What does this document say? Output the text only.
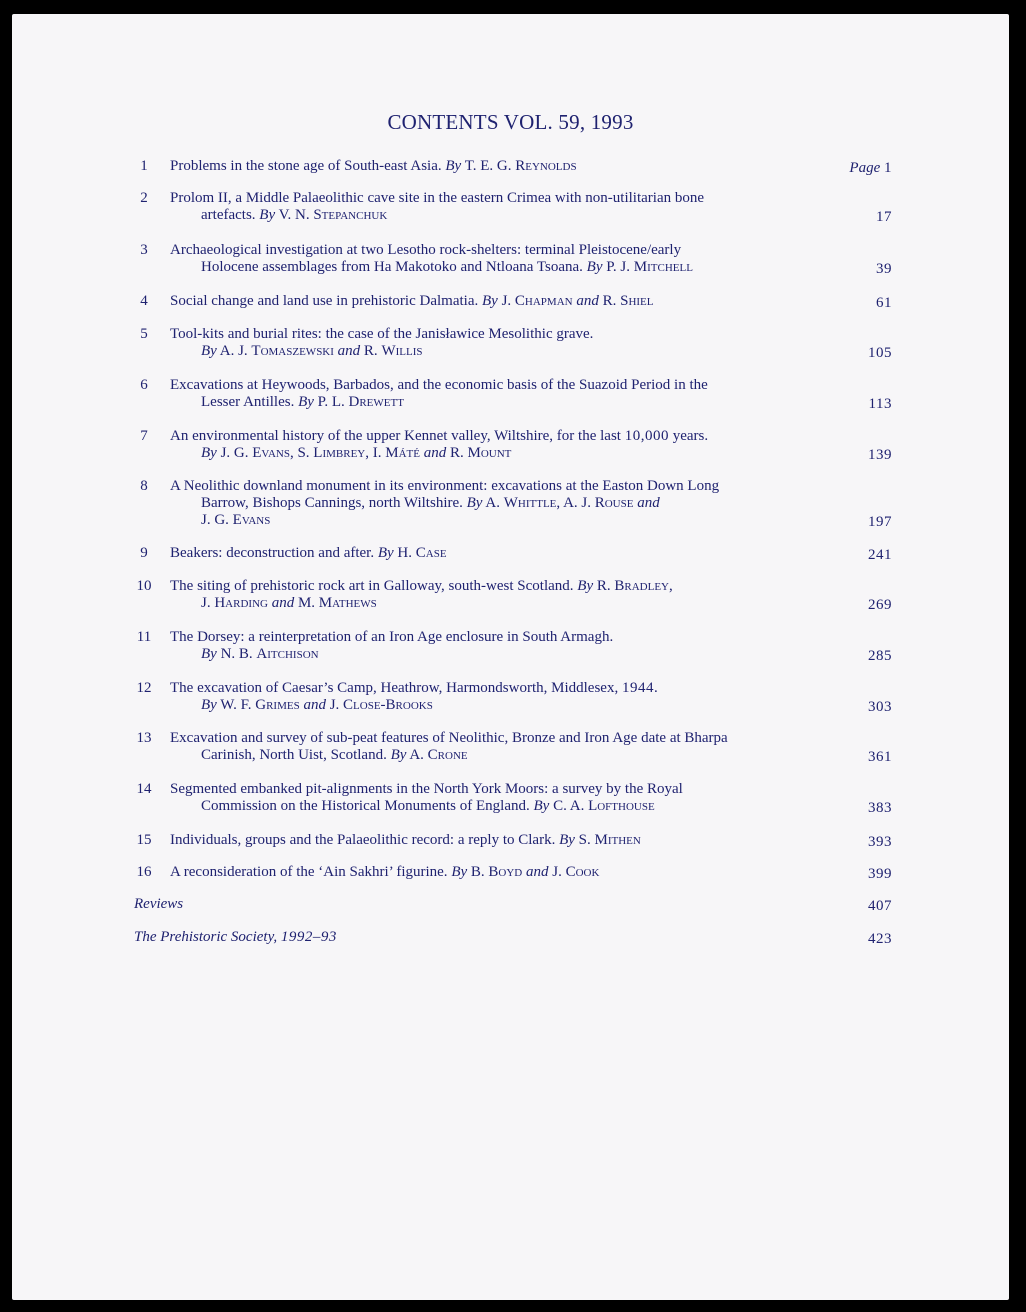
CONTENTS VOL. 59, 1993
1	Problems in the stone age of South-east Asia. By T. E. G. Reynolds	Page 1
2	Prolom II, a Middle Palaeolithic cave site in the eastern Crimea with non-utilitarian bone
artefacts. By V. N. Stepanchuk	17
3	Archaeological investigation at two Lesotho rock-shelters: terminal Pleistocene/early
Holocene assemblages from Ha Makotoko and Ntloana Tsoana. By P. J. Mitchell	39
4	Social change and land use in prehistoric Dalmatia. By J. Chapman and R. Shiel	61
5	Tool-kits and burial rites: the case of the Janisławice Mesolithic grave.
By A. J. Tomaszewski and R. Willis	105
6	Excavations at Heywoods, Barbados, and the economic basis of the Suazoid Period in the
Lesser Antilles. By P. L. Drewett	113
7	An environmental history of the upper Kennet valley, Wiltshire, for the last 10,000 years.
By J. G. Evans, S. Limbrey, I. Máté and R. Mount	139
8	A Neolithic downland monument in its environment: excavations at the Easton Down Long
Barrow, Bishops Cannings, north Wiltshire. By A. Whittle, A. J. Rouse and
J. G. Evans	197
9	Beakers: deconstruction and after. By H. Case	241
10 The siting of prehistoric rock art in Galloway, south-west Scotland. By R. Bradley,
J. Harding and M. Mathews	269
11 The Dorsey: a reinterpretation of an Iron Age enclosure in South Armagh.
By N. B. Aitchison	285
12 The excavation of Caesar’s Camp, Heathrow, Harmondsworth, Middlesex, 1944.
By W. F. Grimes and J. Close-Brooks	303
13 Excavation and survey of sub-peat features of Neolithic, Bronze and Iron Age date at Bharpa
Carinish, North Uist, Scotland. By A. Crone	361
14 Segmented embanked pit-alignments in the North York Moors: a survey by the Royal
Commission on the Historical Monuments of England. By C. A. Lofthouse	383
15 Individuals, groups and the Palaeolithic record: a reply to Clark. By S. Mithen	393
16 A reconsideration of the ‘Ain Sakhri’ figurine. By B. Boyd and J. Cook	399
Reviews	407
The Prehistoric Society, 1992–93	423
